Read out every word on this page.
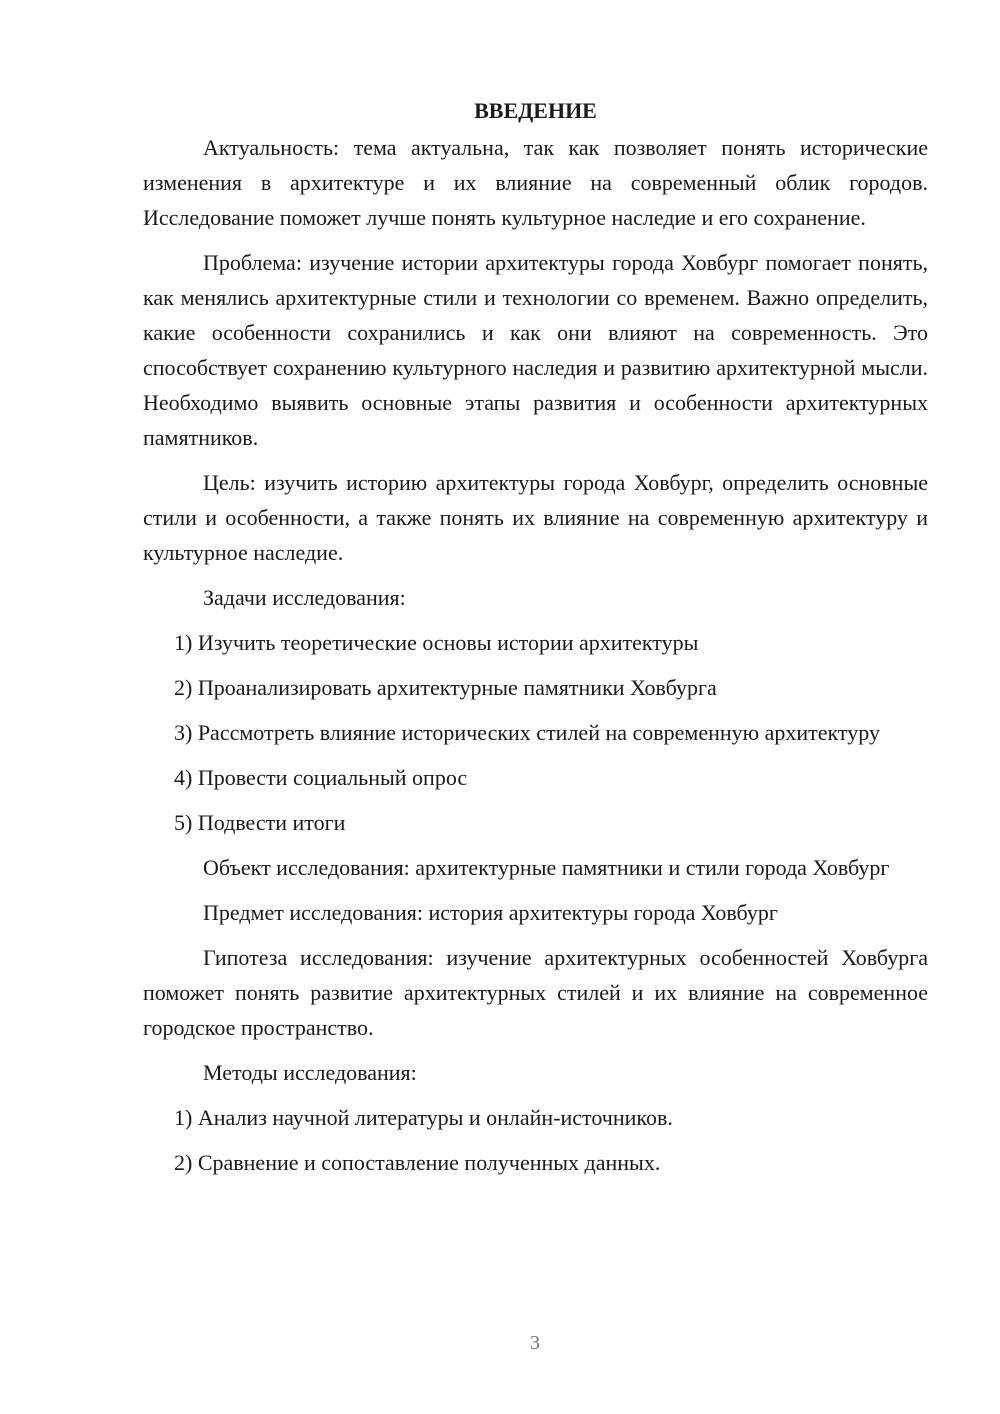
ВВЕДЕНИЕ

Актуальность: тема актуальна, так как позволяет понять исторические изменения в архитектуре и их влияние на современный облик городов. Исследование поможет лучше понять культурное наследие и его сохранение.

Проблема: изучение истории архитектуры города Ховбург помогает понять, как менялись архитектурные стили и технологии со временем. Важно определить, какие особенности сохранились и как они влияют на современность. Это способствует сохранению культурного наследия и развитию архитектурной мысли. Необходимо выявить основные этапы развития и особенности архитектурных памятников.

Цель: изучить историю архитектуры города Ховбург, определить основные стили и особенности, а также понять их влияние на современную архитектуру и культурное наследие.

Задачи исследования:

1) Изучить теоретические основы истории архитектуры

2) Проанализировать архитектурные памятники Ховбурга

3) Рассмотреть влияние исторических стилей на современную архитектуру

4) Провести социальный опрос

5) Подвести итоги

Объект исследования: архитектурные памятники и стили города Ховбург

Предмет исследования: история архитектуры города Ховбург

Гипотеза исследования: изучение архитектурных особенностей Ховбурга поможет понять развитие архитектурных стилей и их влияние на современное городское пространство.

Методы исследования:

1) Анализ научной литературы и онлайн-источников.

2) Сравнение и сопоставление полученных данных.

3
